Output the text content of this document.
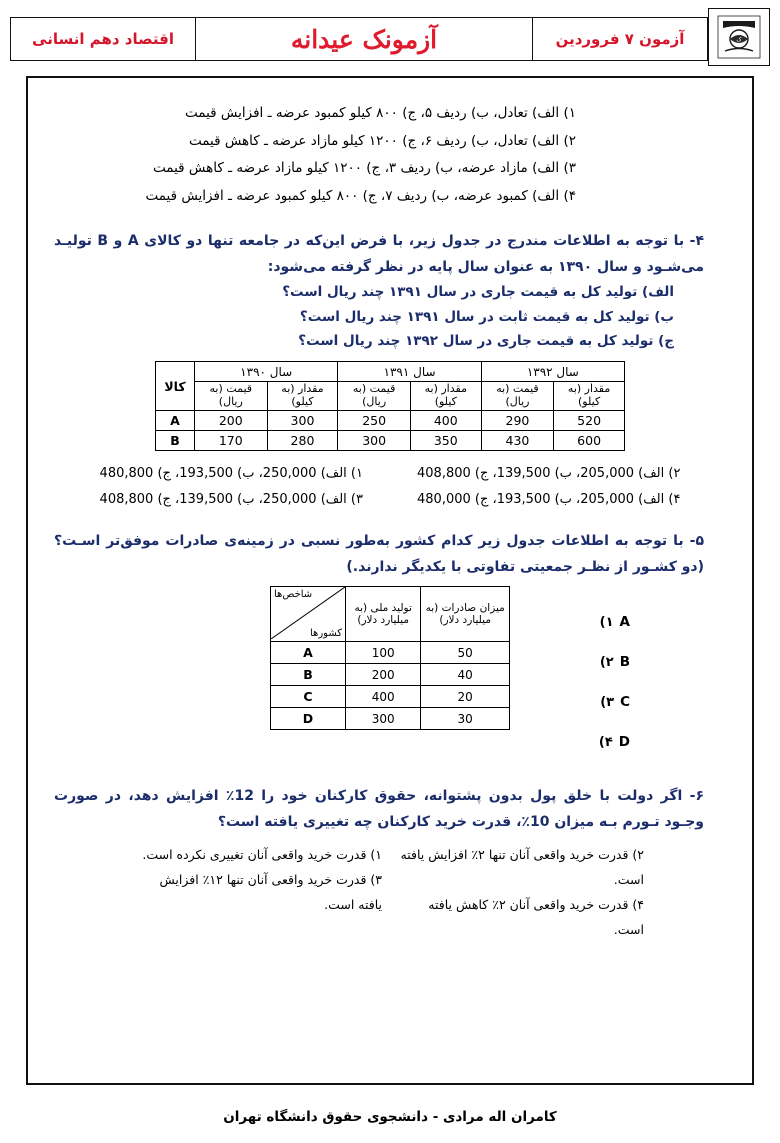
ک
آزمون ۷ فروردین
آزمونک عیدانه
اقتصاد دهم انسانی
۱) الف) تعادل، ب) ردیف ۵، ج) ۸۰۰ کیلو کمبود عرضه ـ افزایش قیمت
۲) الف) تعادل، ب) ردیف ۶، ج) ۱۲۰۰ کیلو مازاد عرضه ـ کاهش قیمت
۳) الف) مازاد عرضه، ب) ردیف ۳، ج) ۱۲۰۰ کیلو مازاد عرضه ـ کاهش قیمت
۴) الف) کمبود عرضه، ب) ردیف ۷، ج) ۸۰۰ کیلو کمبود عرضه ـ افزایش قیمت
۴- با توجه به اطلاعات مندرج در جدول زیر، با فرض این‌که در جامعه تنها دو کالای A و B تولیـد می‌شـود و سال ۱۳۹۰ به عنوان سال پایه در نظر گرفته می‌شود:
الف) تولید کل به قیمت جاری در سال ۱۳۹۱ چند ریال است؟
ب) تولید کل به قیمت ثابت در سال ۱۳۹۱ چند ریال است؟
ج) تولید کل به قیمت جاری در سال ۱۳۹۲ چند ریال است؟
سال ۱۳۹۲		سال ۱۳۹۱		سال ۱۳۹۰		کالا
مقدار (به کیلو)	قیمت (به ریال)	مقدار (به کیلو)	قیمت (به ریال)	مقدار (به کیلو)	قیمت (به ریال)	
520	290	400	250	300	200	A
600	430	350	300	280	170	B
۲) الف) 205,000، ب) 139,500، ج) 408,800
۴) الف) 205,000، ب) 193,500، ج) 480,000
۱) الف) 250,000، ب) 193,500، ج) 480,800
۳) الف) 250,000، ب) 139,500، ج) 408,800
۵- با توجه به اطلاعات جدول زیر کدام کشور به‌طور نسبی در زمینه‌ی صادرات موفق‌تر اسـت؟ (دو کشـور از نظـر جمعیتی تفاوتی با یکدیگر ندارند.)
A
۱)
B
۲)
C
۳)
D
۴)
میزان صادرات (به میلیارد دلار)	تولید ملی (به میلیارد دلار)	شاخص‌ها
کشورها

50	100	A
40	200	B
20	400	C
30	300	D
۶- اگر دولت با خلق پول بدون پشتوانه، حقوق کارکنان خود را 12٪ افزایش دهد، در صورت وجـود تـورم بـه میزان 10٪، قدرت خرید کارکنان چه تغییری یافته است؟
۲) قدرت خرید واقعی آنان تنها ٢٪ افزایش یافته است.
۴) قدرت خرید واقعی آنان ٢٪ کاهش یافته است.
۱) قدرت خرید واقعی آنان تغییری نکرده است.
۳) قدرت خرید واقعی آنان تنها ١٢٪ افزایش یافته است.
کامران اله مرادی - دانشجوی حقوق دانشگاه تهران
